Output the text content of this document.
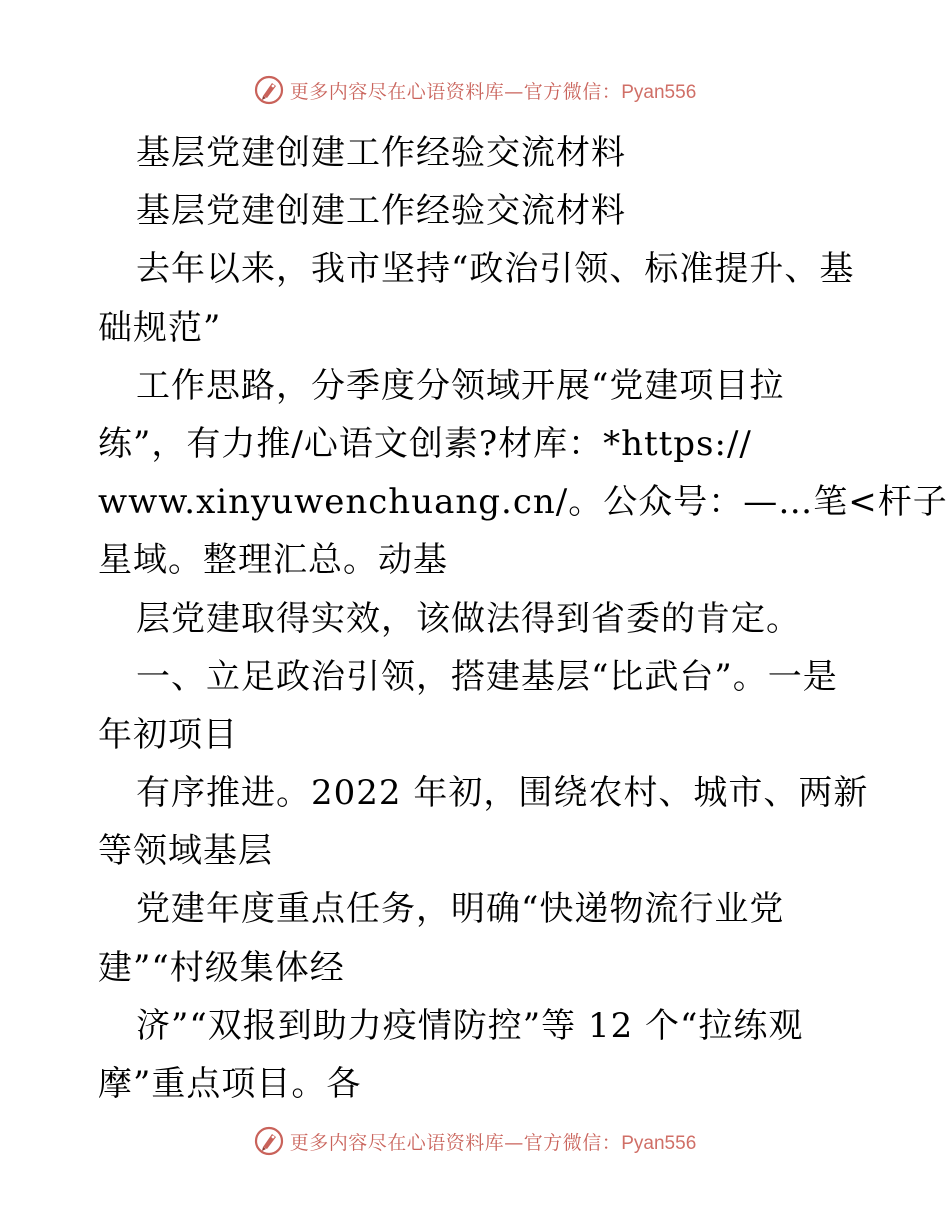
更多内容尽在心语资料库—官方微信：Pyan556
基层党建创建工作经验交流材料
基层党建创建工作经验交流材料
去年以来，我市坚持“政治引领、标准提升、基
础规范”
工作思路，分季度分领域开展“党建项目拉
练”，有力推/心语文创素?材库：*https://
www.xinyuwenchuang.cn/。公众号：—…笔<杆子
星域。整理汇总。动基
层党建取得实效，该做法得到省委的肯定。
一、立足政治引领，搭建基层“比武台”。一是
年初项目
有序推进。2022 年初，围绕农村、城市、两新
等领域基层
党建年度重点任务，明确“快递物流行业党
建”“村级集体经
济”“双报到助力疫情防控”等 12 个“拉练观
摩”重点项目。各
更多内容尽在心语资料库—官方微信：Pyan556
